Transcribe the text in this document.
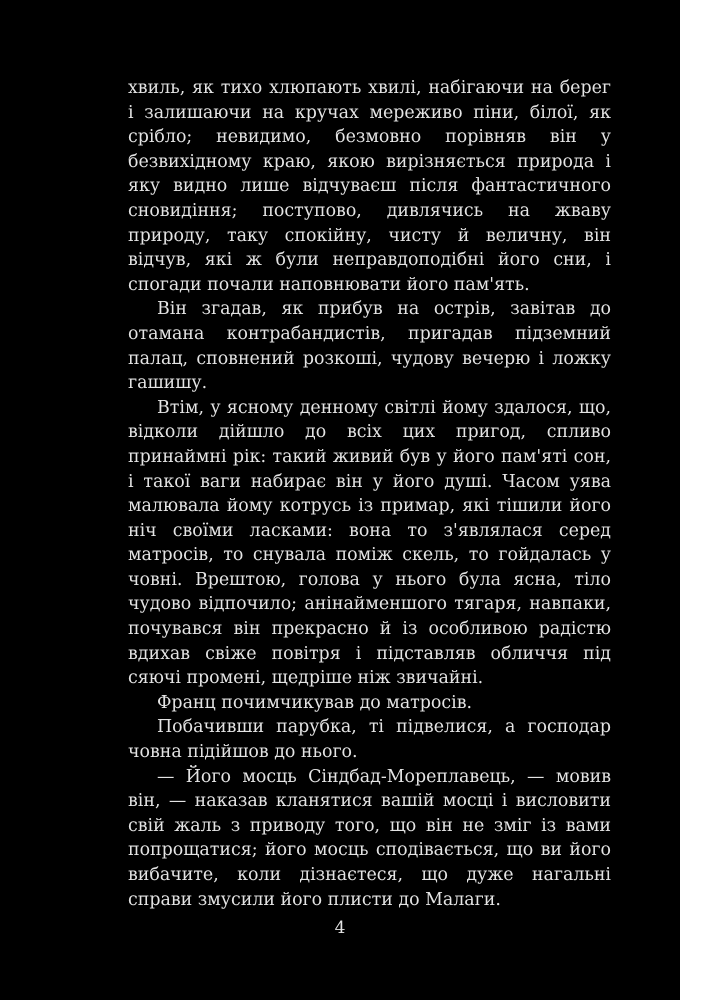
хвиль, як тихо хлюпають хвилі, набігаючи на берег і залишаючи на кручах мереживо піни, білої, як срібло; невидимо, безмовно порівняв він у безвихідному краю, якою вирізняється природа і яку видно лише відчуваєш після фантастичного сновидіння; поступово, дивлячись на жваву природу, таку спокійну, чисту й величну, він відчув, які ж були неправдоподібні його сни, і спогади почали наповнювати його пам'ять.

Він згадав, як прибув на острів, завітав до отамана контрабандистів, пригадав підземний палац, сповнений розкоші, чудову вечерю і ложку гашишу.

Втім, у ясному денному світлі йому здалося, що, відколи дійшло до всіх цих пригод, спливо принаймні рік: такий живий був у його пам'яті сон, і такої ваги набирає він у його душі. Часом уява малювала йому котрусь із примар, які тішили його ніч своїми ласками: вона то з'являлася серед матросів, то снувала поміж скель, то гойдалась у човні. Врештою, голова у нього була ясна, тіло чудово відпочило; анінайменшого тягаря, навпаки, почувався він прекрасно й із особливою радістю вдихав свіже повітря і підставляв обличчя під сяючі промені, щедріше ніж звичайні.

Франц почимчикував до матросів.

Побачивши парубка, ті підвелися, а господар човна підійшов до нього.

— Його мосць Сіндбад-Мореплавець, — мовив він, — наказав кланятися вашій мосці і висловити свій жаль з приводу того, що він не зміг із вами попрощатися; його мосць сподівається, що ви його вибачите, коли дізнаєтеся, що дуже нагальні справи змусили його плисти до Малаги.

4
